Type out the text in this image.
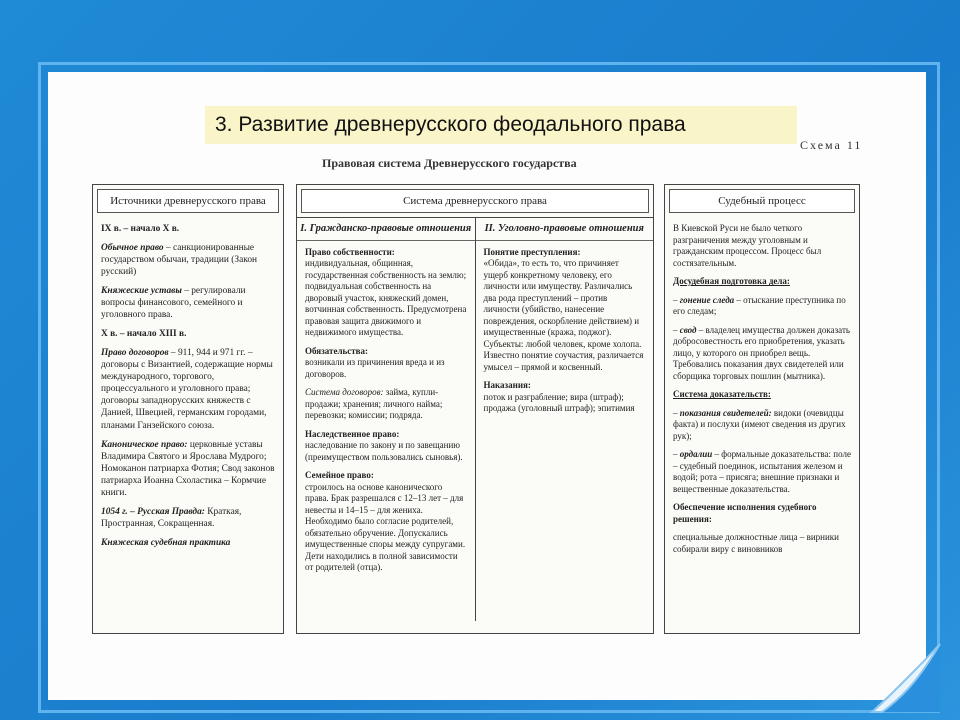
3. Развитие древнерусского феодального права
Схема 11
Правовая система Древнерусского государства
Источники древнерусского права

IX в. – начало X в.

Обычное право – санкционированные государством обычаи, традиции (Закон русский)

Княжеские уставы – регулировали вопросы финансового, семейного и уголовного права.

X в. – начало XIII в.

Право договоров – 911, 944 и 971 гг. – договоры с Византией, содержащие нормы международного, торгового, процессуального и уголовного права; договоры западнорусских княжеств с Данией, Швецией, германским городами, планами Ганзейского союза.

Каноническое право: церковные уставы Владимира Святого и Ярослава Мудрого; Номоканон патриарха Фотия; Свод законов патриарха Иоанна Схоластика – Кормчие книги.

1054 г. – Русская Правда: Краткая, Пространная, Сокращенная.

Княжеская судебная практика

Система древнерусского права
I. Гражданско-правовые отношения

Право собственности:
индивидуальная, общинная, государственная собственность на землю; подвидуальная собственность на дворовый участок, княжеский домен, вотчинная собственность. Предусмотрена правовая защита движимого и недвижимого имущества.

Обязательства:
возникали из причинения вреда и из договоров.

Система договоров: займа, купли-продажи; хранения; личного найма; перевозки; комиссии; подряда.

Наследственное право:
наследование по закону и по завещанию (преимуществом пользовались сыновья).

Семейное право:
строилось на основе канонического права. Брак разрешался с 12–13 лет – для невесты и 14–15 – для жениха. Необходимо было согласие родителей, обязательно обручение. Допускались имущественные споры между супругами. Дети находились в полной зависимости от родителей (отца).

II. Уголовно-правовые отношения

Понятие преступления:
«Обида», то есть то, что причиняет ущерб конкретному человеку, его личности или имуществу. Различались два рода преступлений – против личности (убийство, нанесение повреждения, оскорбление действием) и имущественные (кража, поджог). Субъекты: любой человек, кроме холопа. Известно понятие соучастия, различается умысел – прямой и косвенный.

Наказания:
поток и разграбление; вира (штраф); продажа (уголовный штраф); эпитимия

Судебный процесс

В Киевской Руси не было четкого разграничения между уголовным и гражданским процессом. Процесс был состязательным.

Досудебная подготовка дела:

– гонение следа – отыскание преступника по его следам;

– свод – владелец имущества должен доказать добросовестность его приобретения, указать лицо, у которого он приобрел вещь. Требовались показания двух свидетелей или сборщика торговых пошлин (мытника).

Система доказательств:

– показания свидетелей: видоки (очевидцы факта) и послухи (имеют сведения из других рук);

– ордалии – формальные доказательства: поле – судебный поединок, испытания железом и водой; рота – присяга; внешние признаки и вещественные доказательства.

Обеспечение исполнения судебного решения:

специальные должностные лица – вирники собирали виру с виновников
